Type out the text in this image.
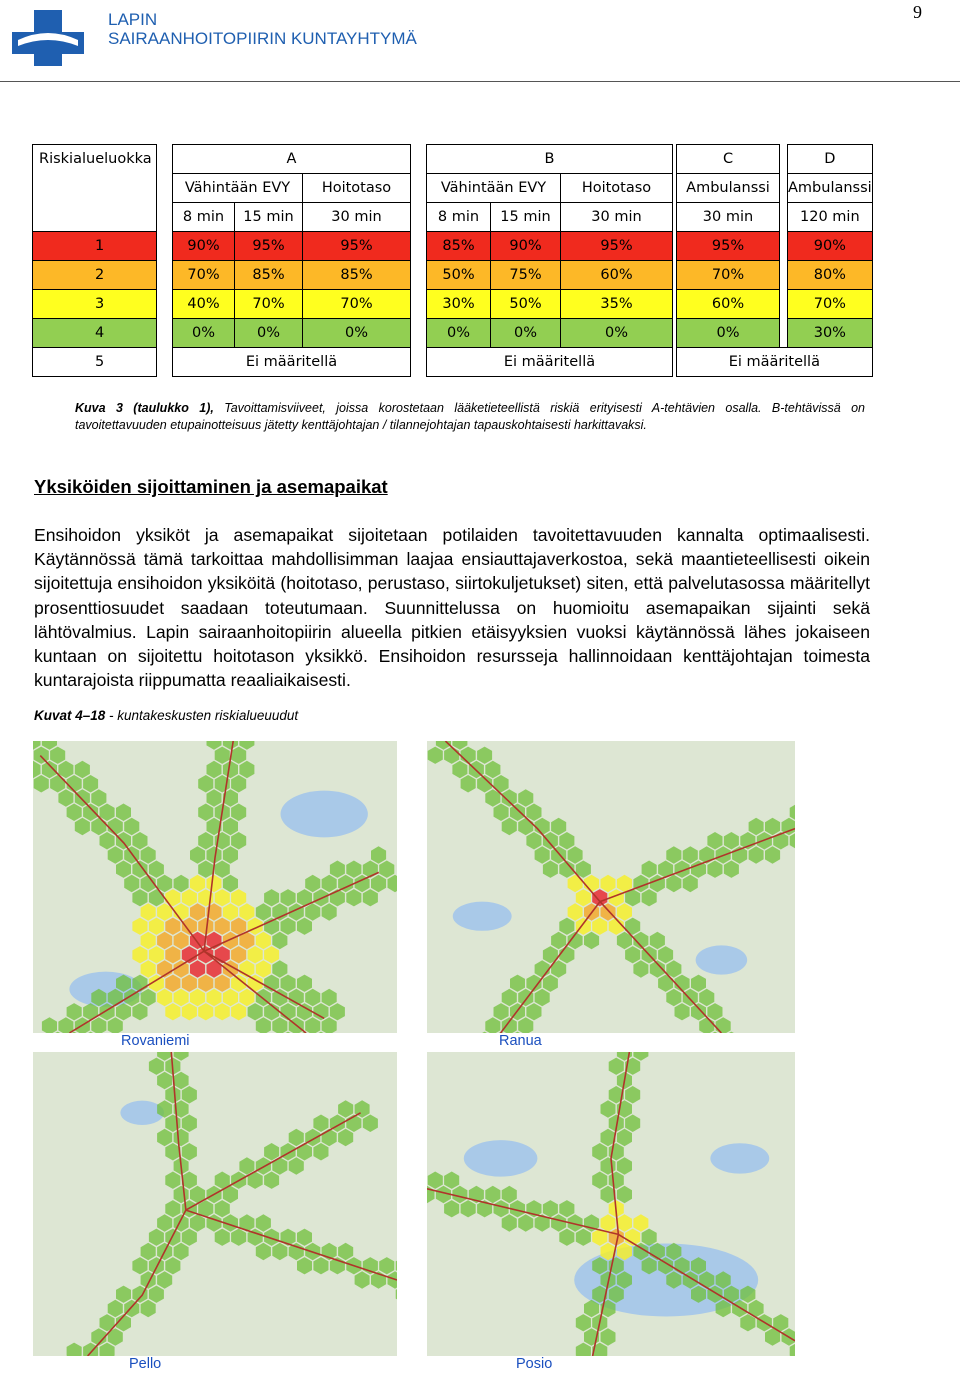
LAPIN
SAIRAANHOITOPIIRIN KUNTAYHTYMÄ
9
Riskialueluokka		A				B				C		D
		Vähintään EVY		Hoitotaso		Vähintään EVY		Hoitotaso		Ambulanssi		Ambulanssi
		8 min	15 min	30 min		8 min	15 min	30 min		30 min		120 min
1		90%	95%	95%		85%	90%	95%		95%		90%
2		70%	85%	85%		50%	75%	60%		70%		80%
3		40%	70%	70%		30%	50%	35%		60%		70%
4		0%	0%	0%		0%	0%	0%		0%		30%
5		Ei määritellä				Ei määritellä				Ei määritellä		
Kuva 3 (taulukko 1), Tavoittamisviiveet, joissa korostetaan lääketieteellistä riskiä erityisesti A-tehtävien osalla. B-tehtävissä on tavoitettavuuden etupainotteisuus jätetty kenttäjohtajan / tilannejohtajan tapauskohtaisesti harkittavaksi.
Yksiköiden sijoittaminen ja asemapaikat
Ensihoidon yksiköt ja asemapaikat sijoitetaan potilaiden tavoitettavuuden kannalta optimaalisesti. Käytännössä tämä tarkoittaa mahdollisimman laajaa ensiauttajaverkostoa, sekä maantieteellisesti oikein sijoitettuja ensihoidon yksiköitä (hoitotaso, perustaso, siirtokuljetukset) siten, että palvelutasossa määritellyt prosenttiosuudet saadaan toteutumaan. Suunnittelussa on huomioitu asemapaikan sijainti sekä lähtövalmius. Lapin sairaanhoitopiirin alueella pitkien etäisyyksien vuoksi käytännössä lähes jokaiseen kuntaan on sijoitettu hoitotason yksikkö. Ensihoidon resursseja hallinnoidaan kenttäjohtajan toimesta kuntarajoista riippumatta reaaliaikaisesti.
Kuvat 4–18 - kuntakeskusten riskialueuudut
Rovaniemi	Ranua
Pello	Posio
